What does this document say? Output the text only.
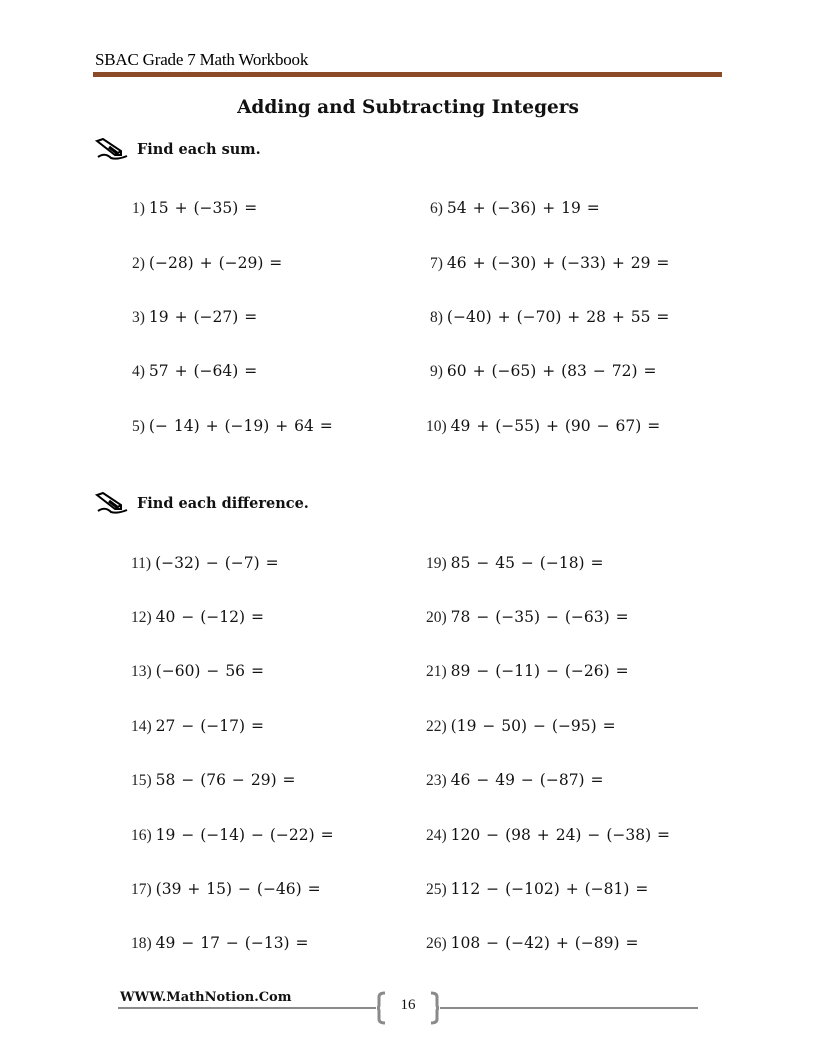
SBAC Grade 7 Math Workbook
Adding and Subtracting Integers
Find each sum.
1) 15 + (−35) =
2) (−28) + (−29) =
3) 19 + (−27) =
4) 57 + (−64) =
5) (− 14) + (−19) + 64 =
6) 54 + (−36) + 19 =
7) 46 + (−30) + (−33) + 29 =
8) (−40) + (−70) + 28 + 55 =
9) 60 + (−65) + (83 − 72) =
10) 49 + (−55) + (90 − 67) =
Find each difference.
11) (−32) − (−7) =
12) 40 − (−12) =
13) (−60) − 56 =
14) 27 − (−17) =
15) 58 − (76 − 29) =
16) 19 − (−14) − (−22) =
17) (39 + 15) − (−46) =
18) 49 − 17 − (−13) =
19) 85 − 45 − (−18) =
20) 78 − (−35) − (−63) =
21) 89 − (−11) − (−26) =
22) (19 − 50) − (−95) =
23) 46 − 49 − (−87) =
24) 120 − (98 + 24) − (−38) =
25) 112 − (−102) + (−81) =
26) 108 − (−42) + (−89) =
WWW.MathNotion.Com	16
